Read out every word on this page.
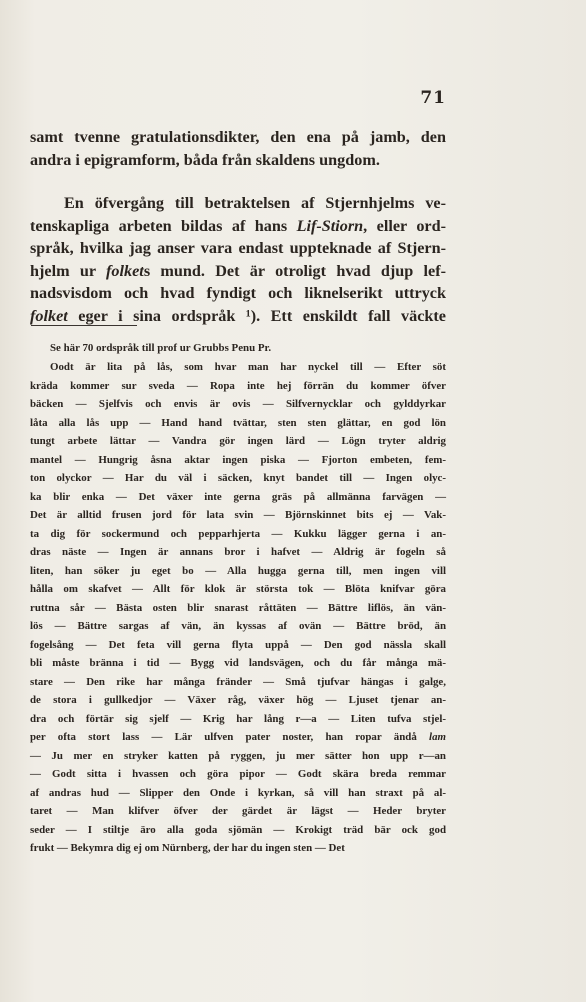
71
samt tvenne gratulationsdikter, den ena på jamb, den
andra i epigramform, båda från skaldens ungdom.
En öfvergång till betraktelsen af Stjernhjelms ve-
tenskapliga arbeten bildas af hans Lif-Stiorn, eller ord-
språk, hvilka jag anser vara endast uppteknade af Stjern-
hjelm ur folkets mund. Det är otroligt hvad djup lef-
nadsvisdom och hvad fyndigt och liknelserikt uttryck
folket eger i sina ordspråk ¹). Ett enskildt fall väckte
Se här 70 ordspråk till prof ur Grubbs Penu Pr.
Oodt är lita på lås, som hvar man har nyckel till — Efter söt
kräda kommer sur sveda — Ropa inte hej förrän du kommer öfver
bäcken — Sjelfvis och envis är ovis — Silfvernycklar och gylddyrkar
låta alla lås upp — Hand hand tvättar, sten sten glättar, en god lön
tungt arbete lättar — Vandra gör ingen lärd — Lögn tryter aldrig
mantel — Hungrig åsna aktar ingen piska — Fjorton embeten, fem-
ton olyckor — Har du väl i säcken, knyt bandet till — Ingen olyc-
ka blir enka — Det växer inte gerna gräs på allmänna farvägen —
Det är alltid frusen jord för lata svin — Björnskinnet bits ej — Vak-
ta dig för sockermund och pepparhjerta — Kukku lägger gerna i an-
dras näste — Ingen är annans bror i hafvet — Aldrig är fogeln så
liten, han söker ju eget bo — Alla hugga gerna till, men ingen vill
hålla om skafvet — Allt för klok är största tok — Blöta knifvar göra
ruttna sår — Bästa osten blir snarast råttäten — Bättre liflös, än vän-
lös — Bättre sargas af vän, än kyssas af ovän — Bättre bröd, än
fogelsång — Det feta vill gerna flyta uppå — Den god nässla skall
bli måste bränna i tid — Bygg vid landsvägen, och du får många mä-
stare — Den rike har många fränder — Små tjufvar hängas i galge,
de stora i gullkedjor — Växer råg, växer hög — Ljuset tjenar an-
dra och förtär sig sjelf — Krig har lång r—a — Liten tufva stjel-
per ofta stort lass — Lär ulfven pater noster, han ropar ändå lam
— Ju mer en stryker katten på ryggen, ju mer sätter hon upp r—an
— Godt sitta i hvassen och göra pipor — Godt skära breda remmar
af andras hud — Slipper den Onde i kyrkan, så vill han straxt på al-
taret — Man klifver öfver der gärdet är lägst — Heder bryter
seder — I stiltje äro alla goda sjömän — Krokigt träd bär ock god
frukt — Bekymra dig ej om Nürnberg, der har du ingen sten — Det
